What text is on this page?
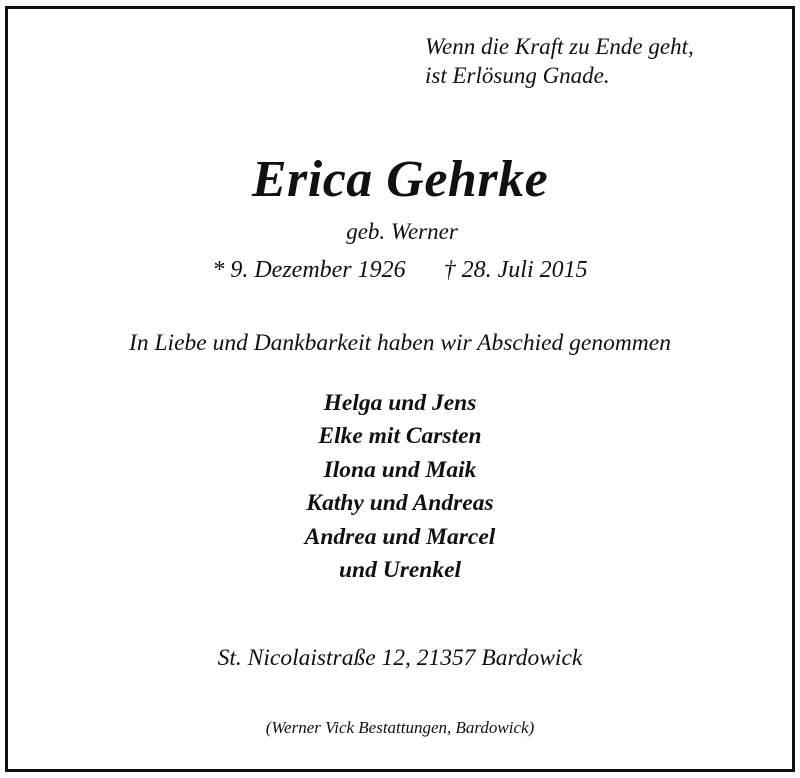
Wenn die Kraft zu Ende geht,
ist Erlösung Gnade.
Erica Gehrke
geb. Werner
* 9. Dezember 1926 † 28. Juli 2015
In Liebe und Dankbarkeit haben wir Abschied genommen
Helga und Jens
Elke mit Carsten
Ilona und Maik
Kathy und Andreas
Andrea und Marcel
und Urenkel
St. Nicolaistraße 12, 21357 Bardowick
(Werner Vick Bestattungen, Bardowick)
